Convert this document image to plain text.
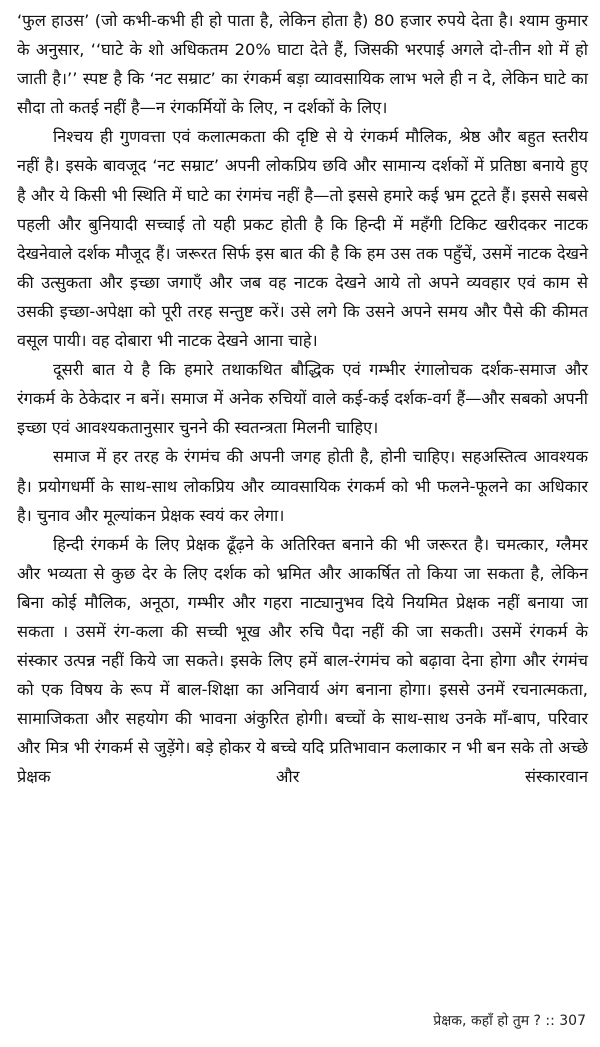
‘फुल हाउस’ (जो कभी-कभी ही हो पाता है, लेकिन होता है) 80 हजार रुपये देता है। श्याम कुमार के अनुसार, ‘‘घाटे के शो अधिकतम 20% घाटा देते हैं, जिसकी भरपाई अगले दो-तीन शो में हो जाती है।’’ स्पष्ट है कि ‘नट सम्राट’ का रंगकर्म बड़ा व्यावसायिक लाभ भले ही न दे, लेकिन घाटे का सौदा तो कतई नहीं है—न रंगकर्मियों के लिए, न दर्शकों के लिए।

निश्चय ही गुणवत्ता एवं कलात्मकता की दृष्टि से ये रंगकर्म मौलिक, श्रेष्ठ और बहुत स्तरीय नहीं है। इसके बावजूद ‘नट सम्राट’ अपनी लोकप्रिय छवि और सामान्य दर्शकों में प्रतिष्ठा बनाये हुए है और ये किसी भी स्थिति में घाटे का रंगमंच नहीं है—तो इससे हमारे कई भ्रम टूटते हैं। इससे सबसे पहली और बुनियादी सच्चाई तो यही प्रकट होती है कि हिन्दी में महँगी टिकिट खरीदकर नाटक देखनेवाले दर्शक मौजूद हैं। जरूरत सिर्फ इस बात की है कि हम उस तक पहुँचें, उसमें नाटक देखने की उत्सुकता और इच्छा जगाएँ और जब वह नाटक देखने आये तो अपने व्यवहार एवं काम से उसकी इच्छा-अपेक्षा को पूरी तरह सन्तुष्ट करें। उसे लगे कि उसने अपने समय और पैसे की कीमत वसूल पायी। वह दोबारा भी नाटक देखने आना चाहे।

दूसरी बात ये है कि हमारे तथाकथित बौद्धिक एवं गम्भीर रंगालोचक दर्शक-समाज और रंगकर्म के ठेकेदार न बनें। समाज में अनेक रुचियों वाले कई-कई दर्शक-वर्ग हैं—और सबको अपनी इच्छा एवं आवश्यकतानुसार चुनने की स्वतन्त्रता मिलनी चाहिए।

समाज में हर तरह के रंगमंच की अपनी जगह होती है, होनी चाहिए। सहअस्तित्व आवश्यक है। प्रयोगधर्मी के साथ-साथ लोकप्रिय और व्यावसायिक रंगकर्म को भी फलने-फूलने का अधिकार है। चुनाव और मूल्यांकन प्रेक्षक स्वयं कर लेगा।

हिन्दी रंगकर्म के लिए प्रेक्षक ढूँढ़ने के अतिरिक्त बनाने की भी जरूरत है। चमत्कार, ग्लैमर और भव्यता से कुछ देर के लिए दर्शक को भ्रमित और आकर्षित तो किया जा सकता है, लेकिन बिना कोई मौलिक, अनूठा, गम्भीर और गहरा नाट्यानुभव दिये नियमित प्रेक्षक नहीं बनाया जा सकता । उसमें रंग-कला की सच्ची भूख और रुचि पैदा नहीं की जा सकती। उसमें रंगकर्म के संस्कार उत्पन्न नहीं किये जा सकते। इसके लिए हमें बाल-रंगमंच को बढ़ावा देना होगा और रंगमंच को एक विषय के रूप में बाल-शिक्षा का अनिवार्य अंग बनाना होगा। इससे उनमें रचनात्मकता, सामाजिकता और सहयोग की भावना अंकुरित होगी। बच्चों के साथ-साथ उनके माँ-बाप, परिवार और मित्र भी रंगकर्म से जुड़ेंगे। बड़े होकर ये बच्चे यदि प्रतिभावान कलाकार न भी बन सके तो अच्छे प्रेक्षक और संस्कारवान

प्रेक्षक, कहाँ हो तुम ? :: 307
